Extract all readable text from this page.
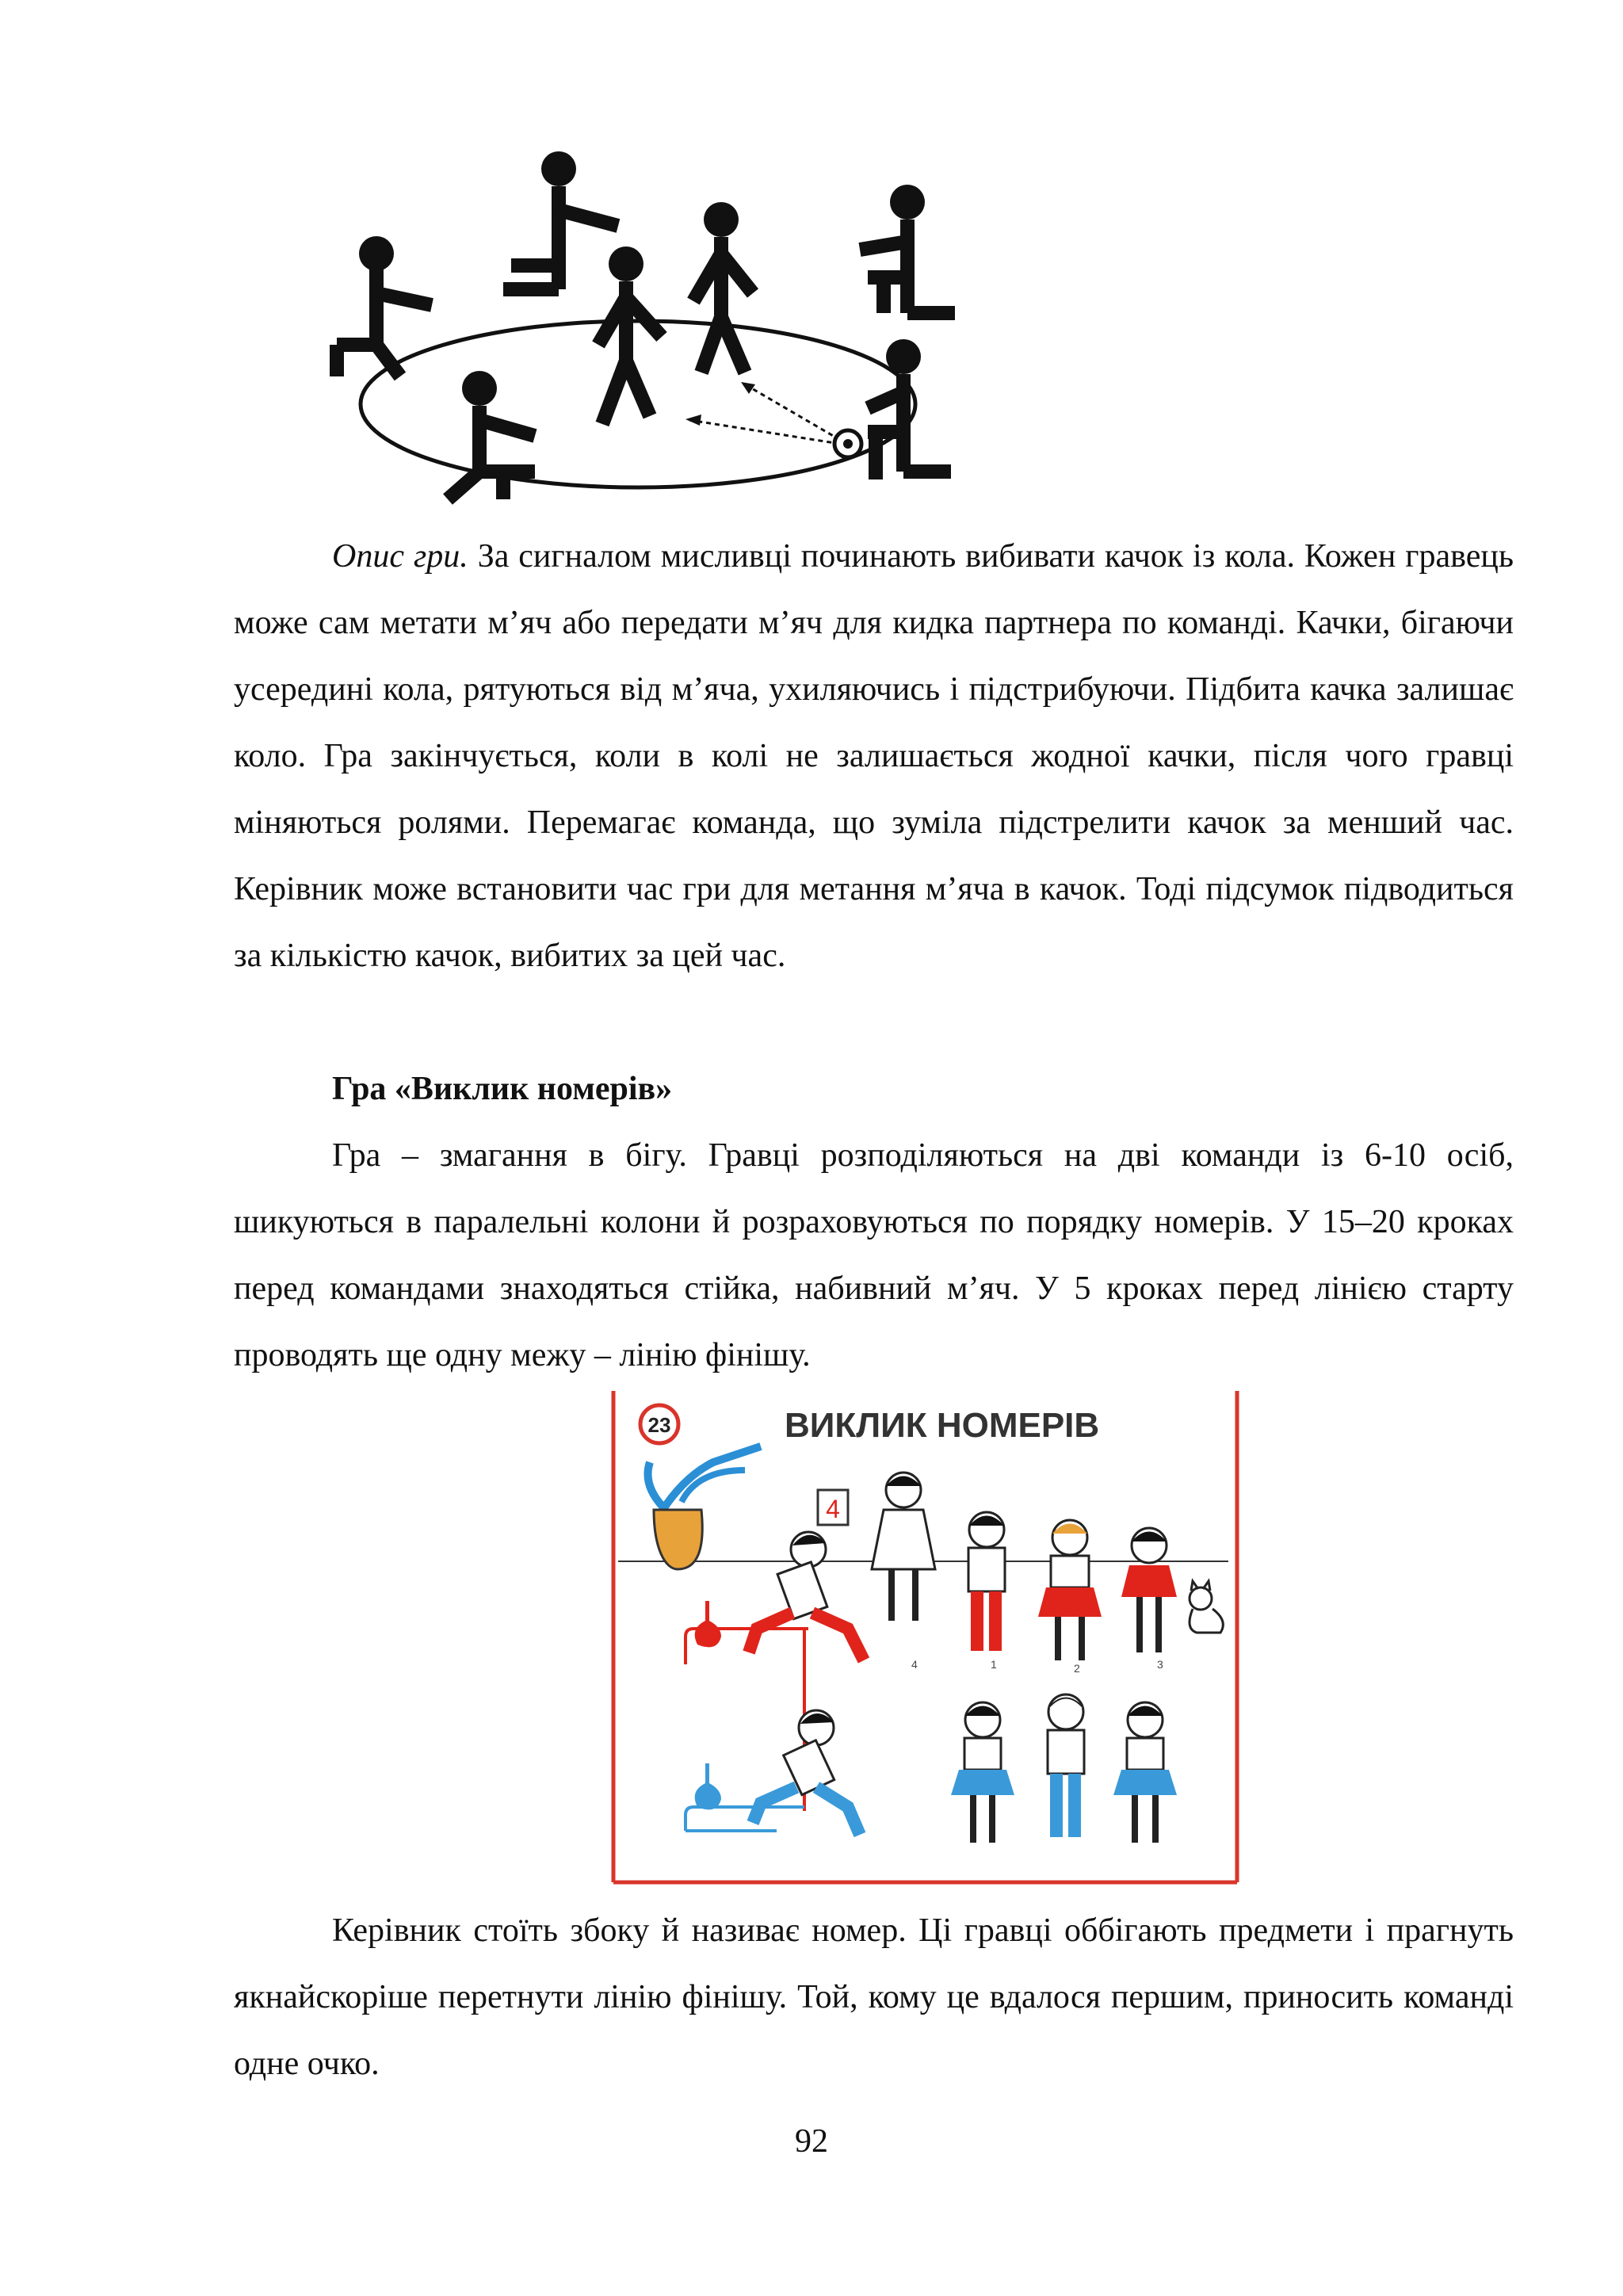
Опис гри. За сигналом мисливці починають вибивати качок із кола. Кожен гравець може сам метати м’яч або передати м’яч для кидка партнера по команді. Качки, бігаючи усередині кола, рятуються від м’яча, ухиляючись і підстрибуючи. Підбита качка залишає коло. Гра закінчується, коли в колі не залишається жодної качки, після чого гравці міняються ролями. Перемагає команда, що зуміла підстрелити качок за менший час. Керівник може встановити час гри для метання м’яча в качок. Тоді підсумок підводиться за кількістю качок, вибитих за цей час.

Гра «Виклик номерів»

Гра – змагання в бігу. Гравці розподіляються на дві команди із 6-10 осіб, шикуються в паралельні колони й розраховуються по порядку номерів. У 15–20 кроках перед командами знаходяться стійка, набивний м’яч. У 5 кроках перед лінією старту проводять ще одну межу – лінію фінішу.

23	ВИКЛИК НОМЕРІВ
4
4	1	2	3

Керівник стоїть збоку й називає номер. Ці гравці оббігають предмети і прагнуть якнайскоріше перетнути лінію фінішу. Той, кому це вдалося першим, приносить команді одне очко.

92
